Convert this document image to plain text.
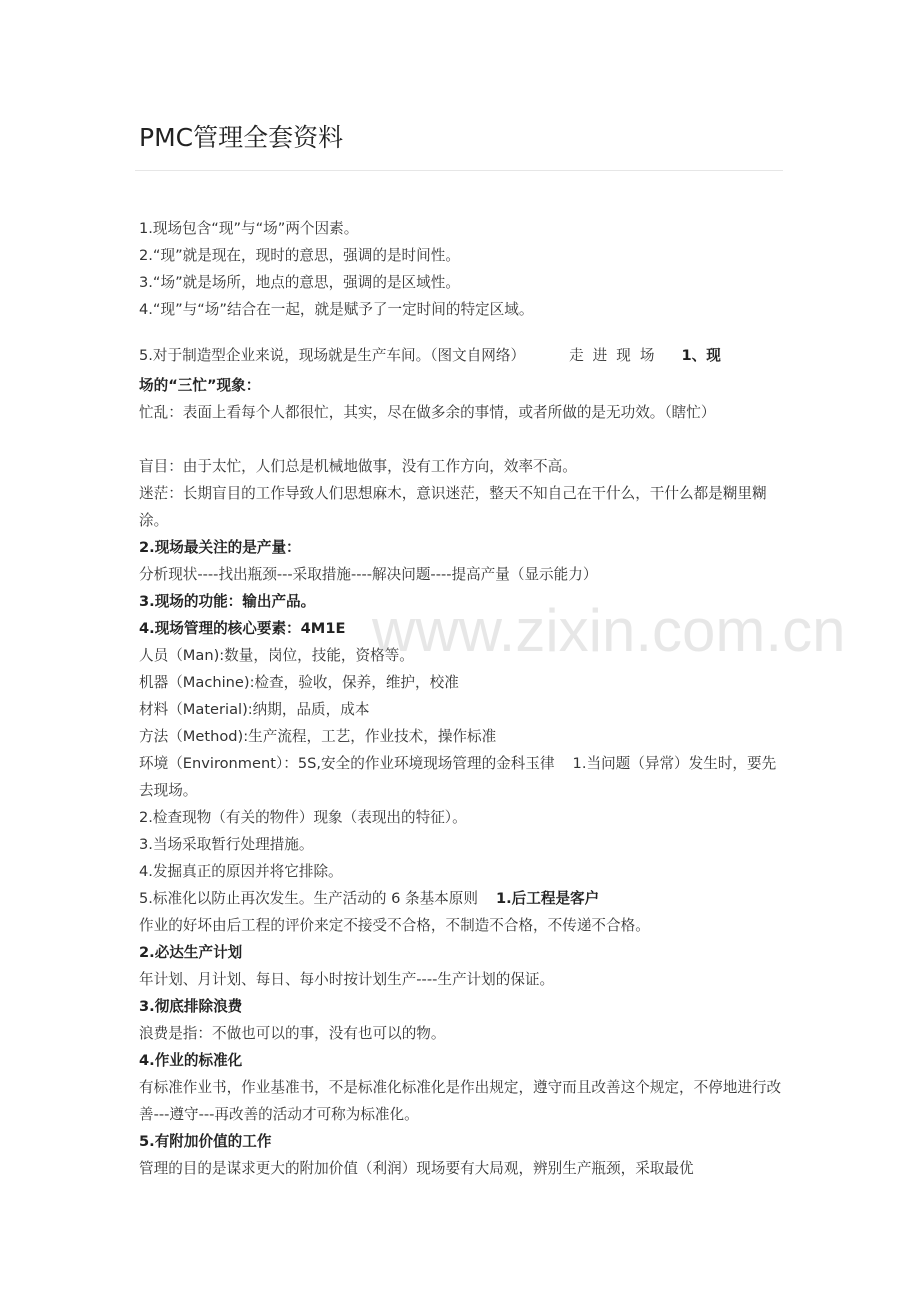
PMC管理全套资料
1.现场包含“现”与“场”两个因素。
2.“现”就是现在，现时的意思，强调的是时间性。
3.“场”就是场所，地点的意思，强调的是区域性。
4.“现”与“场”结合在一起，就是赋予了一定时间的特定区域。
5.对于制造型企业来说，现场就是生产车间。（图文自网络）	走进现场 1、现
场的“三忙”现象：
忙乱：表面上看每个人都很忙，其实，尽在做多余的事情，或者所做的是无功效。（瞎忙）
盲目：由于太忙，人们总是机械地做事，没有工作方向，效率不高。
迷茫：长期盲目的工作导致人们思想麻木，意识迷茫，整天不知自己在干什么，干什么都是糊里糊涂。
2.现场最关注的是产量：
分析现状----找出瓶颈---采取措施----解决问题----提高产量（显示能力）
3.现场的功能：输出产品。
4.现场管理的核心要素：4M1E
人员（Man):数量，岗位，技能，资格等。
机器（Machine):检查，验收，保养，维护，校准
材料（Material):纳期，品质，成本
方法（Method):生产流程，工艺，作业技术，操作标准
环境（Environment）：5S,安全的作业环境现场管理的金科玉律 1.当问题（异常）发生时，要先去现场。
2.检查现物（有关的物件）现象（表现出的特征）。
3.当场采取暂行处理措施。
4.发掘真正的原因并将它排除。
5.标准化以防止再次发生。生产活动的 6 条基本原则 1.后工程是客户
作业的好坏由后工程的评价来定不接受不合格，不制造不合格，不传递不合格。
2.必达生产计划
年计划、月计划、每日、每小时按计划生产----生产计划的保证。
3.彻底排除浪费
浪费是指：不做也可以的事，没有也可以的物。
4.作业的标准化
有标准作业书，作业基准书，不是标准化标准化是作出规定，遵守而且改善这个规定，不停地进行改善---遵守---再改善的活动才可称为标准化。
5.有附加价值的工作
管理的目的是谋求更大的附加价值（利润）现场要有大局观，辨别生产瓶颈，采取最优
www.zixin.com.cn
